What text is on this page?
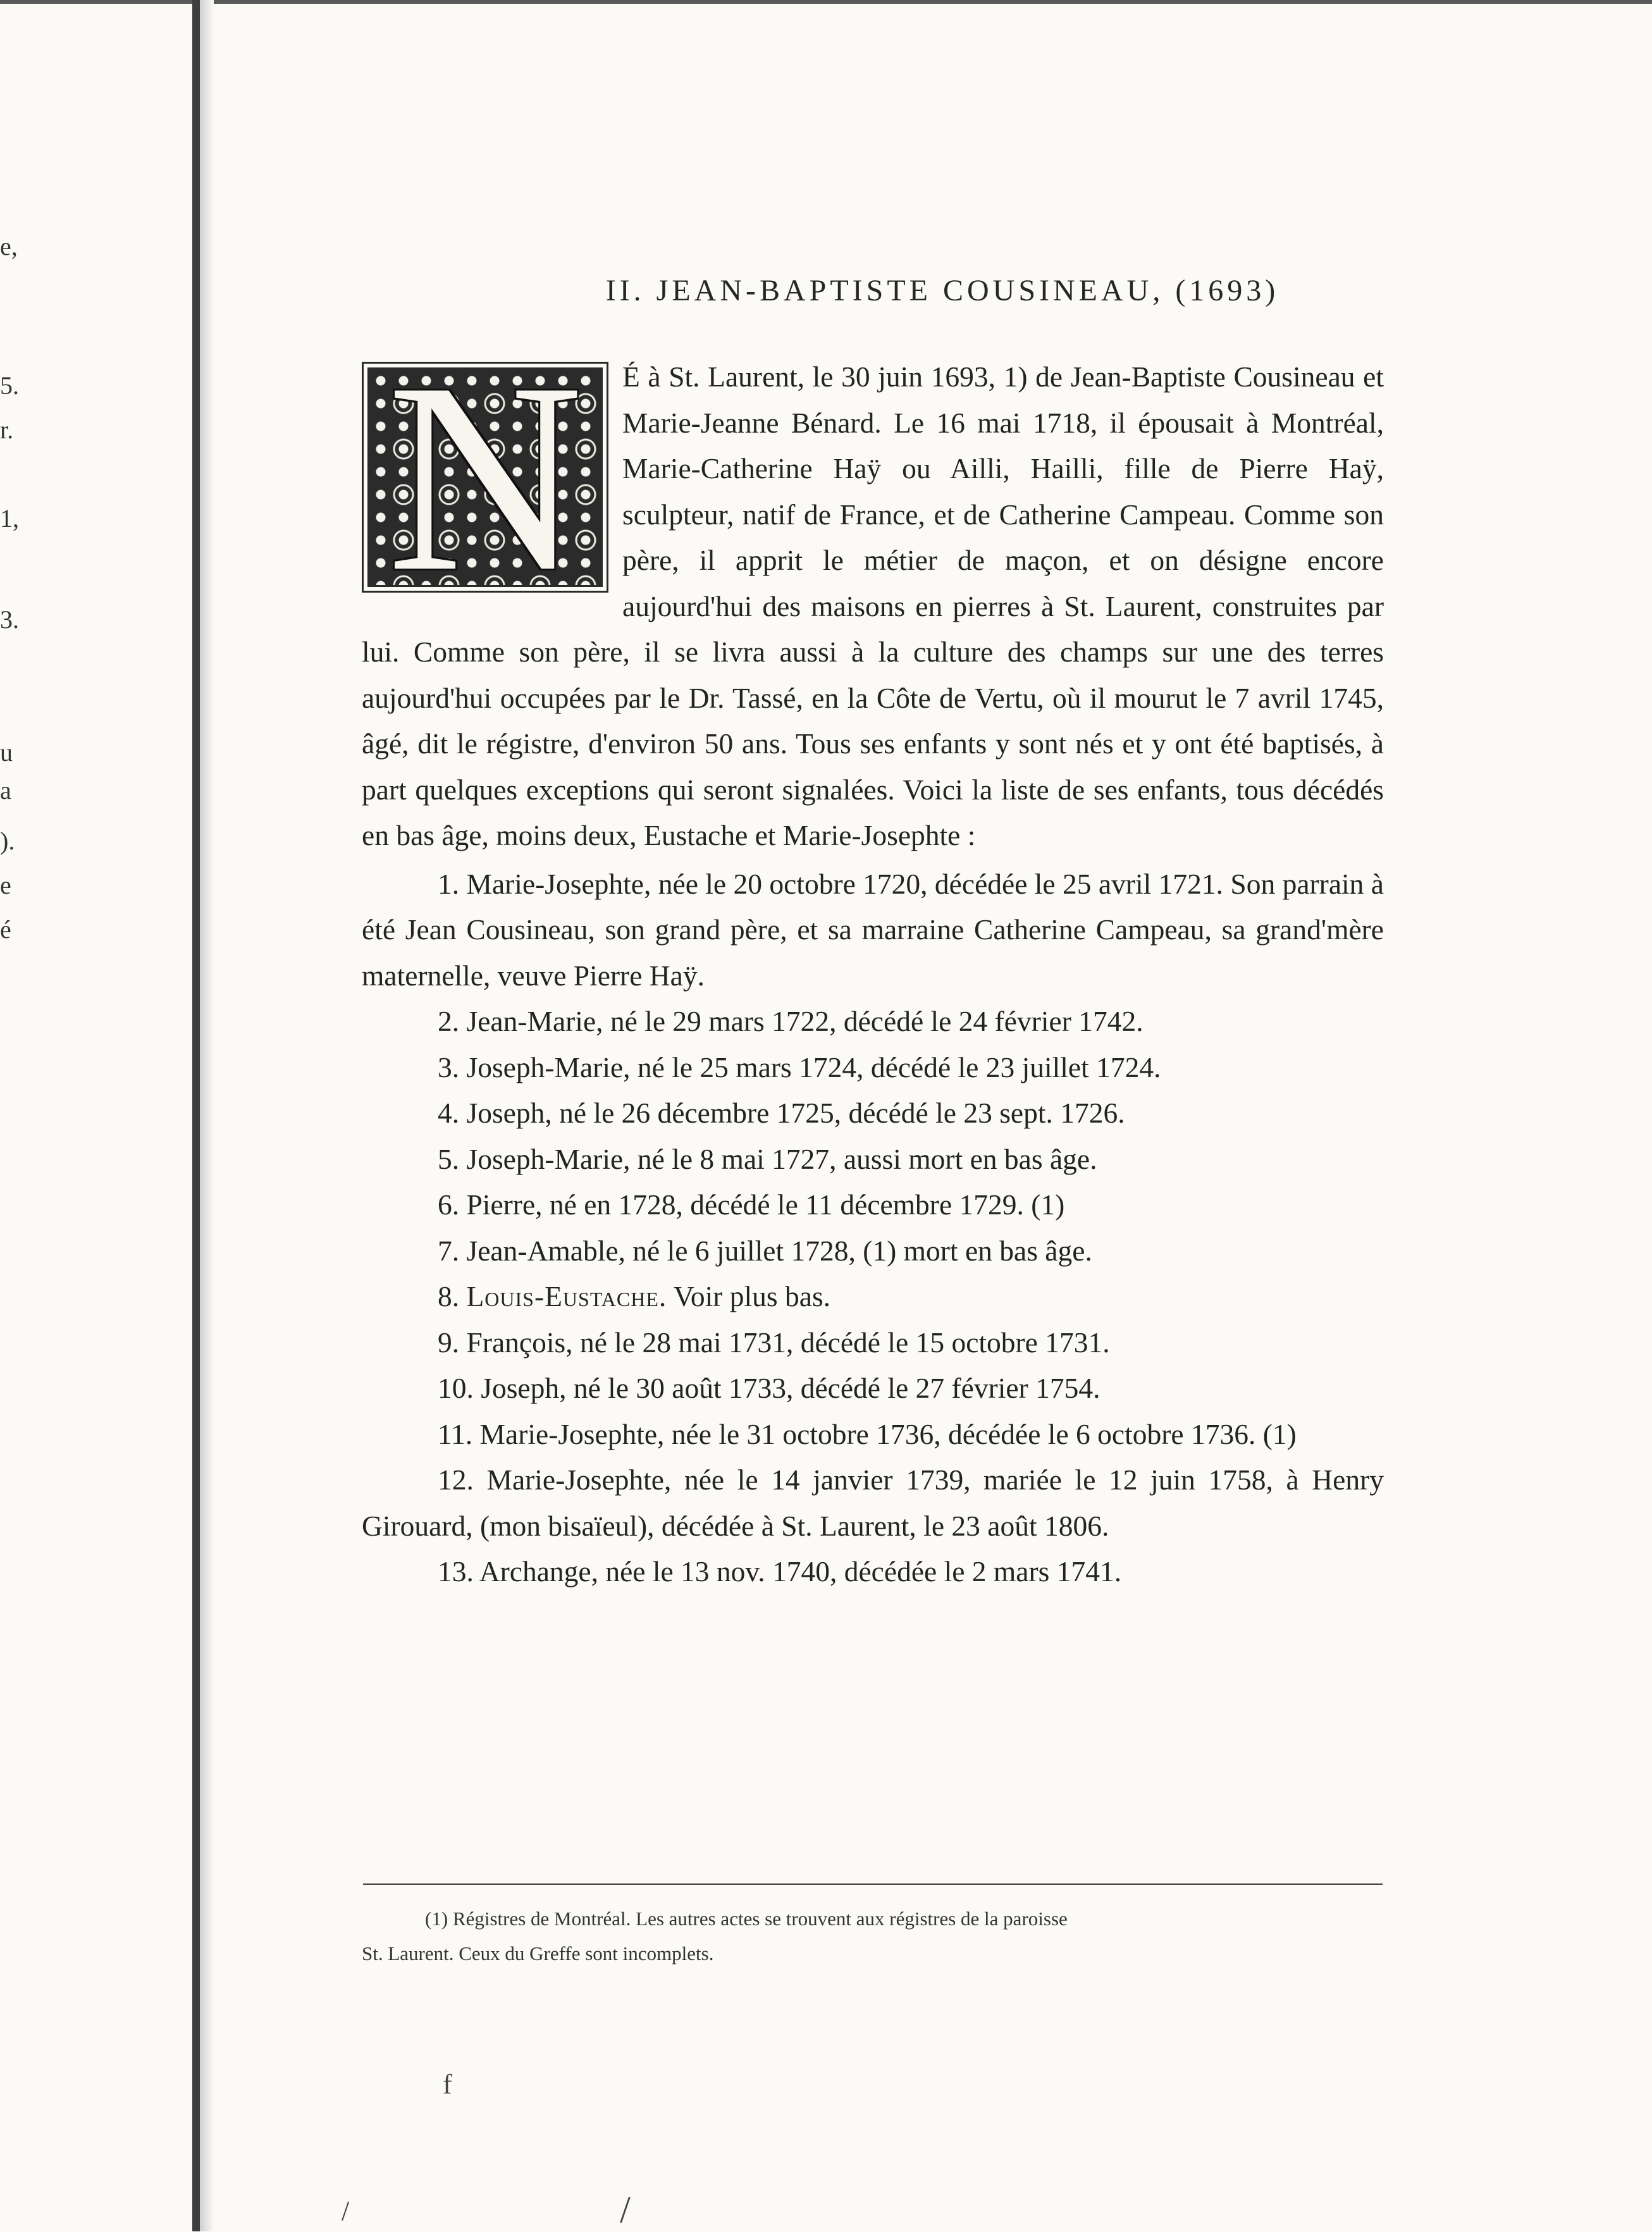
e,
5.
r.
1,
3.
u
a
).
e
é
II. JEAN-BAPTISTE COUSINEAU, (1693)
N	É à St. Laurent, le 30 juin 1693, 1) de Jean-Baptiste Cousineau et Marie-Jeanne Bénard. Le 16 mai 1718, il épousait à Montréal, Marie-Catherine Haÿ ou Ailli, Hailli, fille de Pierre Haÿ, sculpteur, natif de France, et de Catherine Campeau. Comme son père, il apprit le métier de maçon, et on désigne encore aujourd'hui des maisons en pierres à St. Laurent, construites par lui. Comme son père, il se livra aussi à la culture des champs sur une des terres aujourd'hui occupées par le Dr. Tassé, en la Côte de Vertu, où il mourut le 7 avril 1745, âgé, dit le régistre, d'environ 50 ans. Tous ses enfants y sont nés et y ont été baptisés, à part quelques exceptions qui seront signalées. Voici la liste de ses enfants, tous décédés en bas âge, moins deux, Eustache et Marie-Josephte :

1. Marie-Josephte, née le 20 octobre 1720, décédée le 25 avril 1721. Son parrain à été Jean Cousineau, son grand père, et sa marraine Catherine Campeau, sa grand'mère maternelle, veuve Pierre Haÿ.

2. Jean-Marie, né le 29 mars 1722, décédé le 24 février 1742.

3. Joseph-Marie, né le 25 mars 1724, décédé le 23 juillet 1724.

4. Joseph, né le 26 décembre 1725, décédé le 23 sept. 1726.

5. Joseph-Marie, né le 8 mai 1727, aussi mort en bas âge.

6. Pierre, né en 1728, décédé le 11 décembre 1729. (1)

7. Jean-Amable, né le 6 juillet 1728, (1) mort en bas âge.

8. Louis-Eustache. Voir plus bas.

9. François, né le 28 mai 1731, décédé le 15 octobre 1731.

10. Joseph, né le 30 août 1733, décédé le 27 février 1754.

11. Marie-Josephte, née le 31 octobre 1736, décédée le 6 octobre 1736. (1)

12. Marie-Josephte, née le 14 janvier 1739, mariée le 12 juin 1758, à Henry Girouard, (mon bisaïeul), décédée à St. Laurent, le 23 août 1806.

13. Archange, née le 13 nov. 1740, décédée le 2 mars 1741.

(1) Régistres de Montréal. Les autres actes se trouvent aux régistres de la paroisse

St. Laurent. Ceux du Greffe sont incomplets.

f
/	/
